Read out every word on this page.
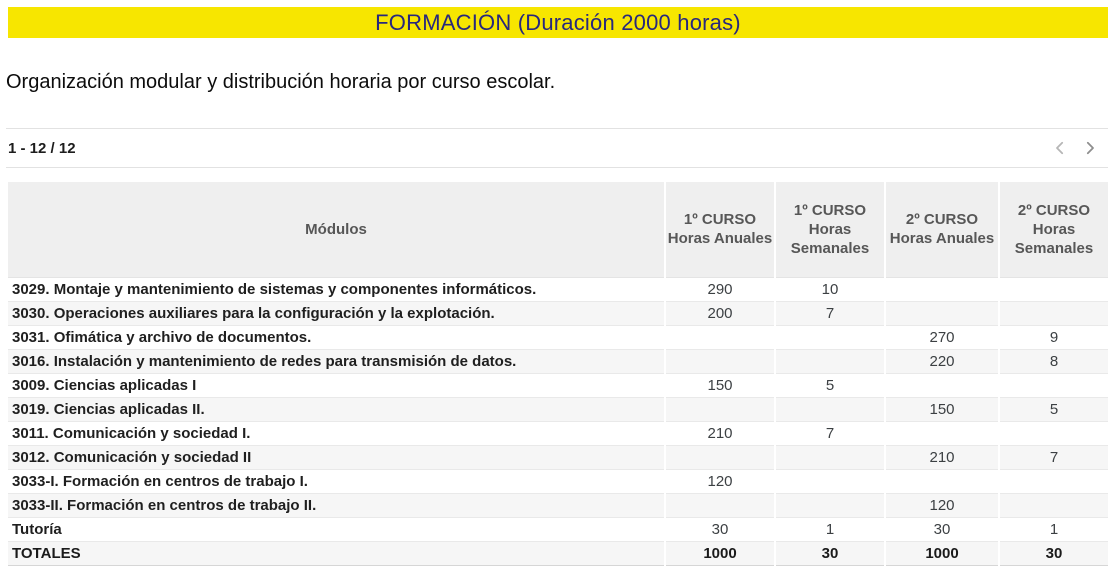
FORMACIÓN (Duración 2000 horas)
Organización modular y distribución horaria por curso escolar.
1 - 12 / 12
Módulos	1º CURSO Horas Anuales	1º CURSO Horas Semanales	2º CURSO Horas Anuales	2º CURSO Horas Semanales
3029. Montaje y mantenimiento de sistemas y componentes informáticos.	290	10		
3030. Operaciones auxiliares para la configuración y la explotación.	200	7		
3031. Ofimática y archivo de documentos.			270	9
3016. Instalación y mantenimiento de redes para transmisión de datos.			220	8
3009. Ciencias aplicadas I	150	5		
3019. Ciencias aplicadas II.			150	5
3011. Comunicación y sociedad I.	210	7		
3012. Comunicación y sociedad II			210	7
3033-I. Formación en centros de trabajo I.	120			
3033-II. Formación en centros de trabajo II.			120	
Tutoría	30	1	30	1
TOTALES	1000	30	1000	30
